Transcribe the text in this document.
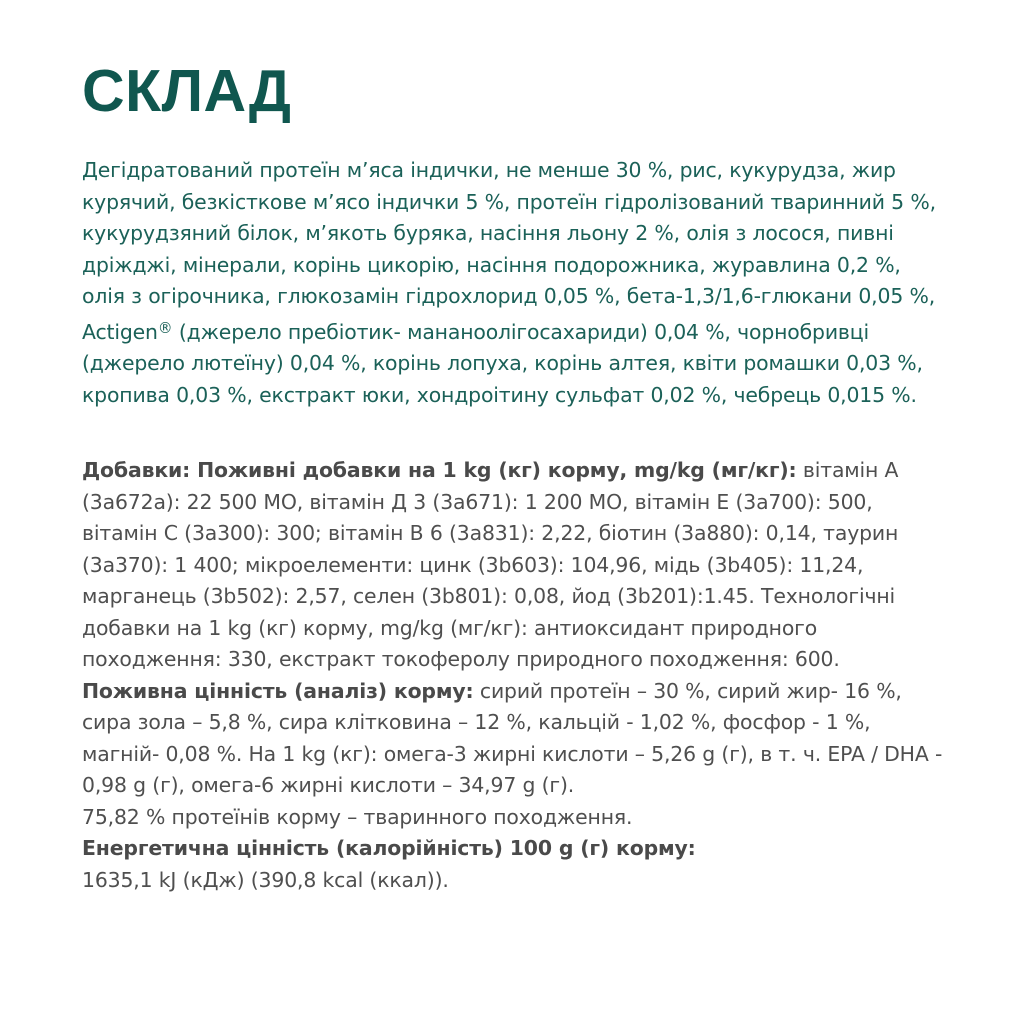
СКЛАД
Дегідратований протеїн м’яса індички, не менше 30 %, рис, кукурудза, жир курячий, безкісткове м’ясо індички 5 %, протеїн гідролізований тваринний 5 %, кукурудзяний білок, м’якоть буряка, насіння льону 2 %, олія з лосося, пивні дріжджі, мінерали, корінь цикорію, насіння подорожника, журавлина 0,2 %, олія з огірочника, глюкозамін гідрохлорид 0,05 %, бета-1,3/1,6-глюкани 0,05 %, Actigen® (джерело пребіотик- мананоолігосахариди) 0,04 %, чорнобривці (джерело лютеїну) 0,04 %, корінь лопуха, корінь алтея, квіти ромашки 0,03 %, кропива 0,03 %, екстракт юки, хондроітину сульфат 0,02 %, чебрець 0,015 %.

Добавки: Поживні добавки на 1 kg (кг) корму, mg/kg (мг/кг): вітамін А (3а672а): 22 500 МО, вітамін Д 3 (3а671): 1 200 МО, вітамін Е (3а700): 500, вітамін С (3а300): 300; вітамін В 6 (3а831): 2,22, біотин (3а880): 0,14, таурин (3а370): 1 400; мікроелементи: цинк (3b603): 104,96, мідь (3b405): 11,24, марганець (3b502): 2,57, селен (3b801): 0,08, йод (3b201):1.45. Технологічні добавки на 1 kg (кг) корму, mg/kg (мг/кг): антиоксидант природного походження: 330, екстракт токоферолу природного походження: 600.

Поживна цінність (аналіз) корму: сирий протеїн – 30 %, сирий жир- 16 %, сира зола – 5,8 %, сира клітковина – 12 %, кальцій - 1,02 %, фосфор - 1 %, магній- 0,08 %. На 1 kg (кг): омега-3 жирні кислоти – 5,26 g (г), в т. ч. EPA / DHA - 0,98 g (г), омега-6 жирні кислоти – 34,97 g (г).

75,82 % протеїнів корму – тваринного походження.

Енергетична цінність (калорійність) 100 g (г) корму:

1635,1 kJ (кДж) (390,8 kcal (ккал)).
